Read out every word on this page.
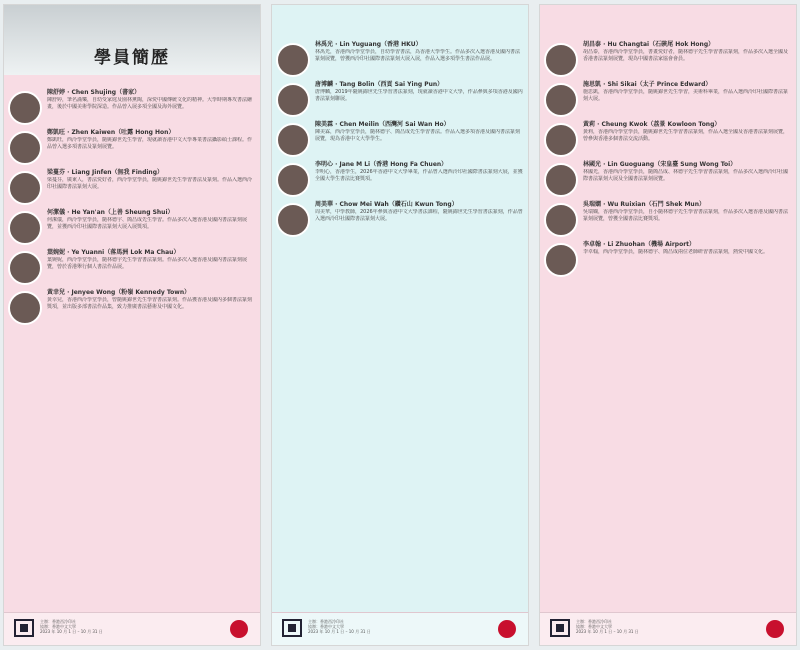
學員簡歷
陳舒婷 · Chen Shujing（書家）
陳舒婷，筆名滿樂，自幼受家庭及園林薰陶，深愛中國傳統文化的精神。大學時期專攻書法繪畫，後於中國美術學院深造。作品曾入展多項全國及海外展覽。
鄭凱旺 · Zhen Kaiwen（吐露 Hong Hon）
鄭凱旺，西泠學堂學員，隨姚錦世先生學習，現就讀香港中文大學專業書法攝影碩士課程。作品曾入選多項書法及篆刻展覽。
梁蔓芬 · Liang Jinfen（無我 Finding）
梁蔓芬，廣東人，書法愛好者，西泠學堂學員，隨姚錦世先生學習書法及篆刻。作品入選西泠印社國際書法篆刻大展。
何潔儀 · He Yan'an（上善 Sheung Shui）
何潔儀，西泠學堂學員，隨林德宇、簡昌成先生學習。作品多次入選香港及國內書法篆刻展覽，並獲西泠印社國際書法篆刻大展入展獎項。
葉婉妮 · Ye Yuanni（落馬洲 Lok Ma Chau）
葉婉妮，西泠學堂學員，隨林德宇先生學習書法篆刻。作品多次入選香港及國內書法篆刻展覽，曾於香港舉行個人書法作品展。
黃幸兒 · Jenyee Wong（粉嶺 Kennedy Town）
黃幸兒，香港西泠學堂學員，曾隨姚錦世先生學習書法篆刻。作品獲香港及國內多個書法篆刻獎項，並出版多部書法作品集，致力推廣書法藝術及中國文化。
主辦：香港西泠印社
協辦：香港中文大學
2023 年 10 月 1 日 – 10 月 31 日
林禹光 · Lin Yuguang（香港 HKU）
林禹光，香港西泠學堂學員，自幼學習書法，為香港大學學生。作品多次入選香港及國內書法篆刻展覽，曾獲西泠印社國際書法篆刻大展入展，作品入選多項學生書法作品展。
唐博麟 · Tang Bolin（西貢 Sai Ying Pun）
唐博麟，2019年隨姚錦世先生學習書法篆刻，現就讀香港中文大學，作品參與多項香港及國內書法篆刻聯展。
陳美霖 · Chen Meilin（西灣河 Sai Wan Ho）
陳美霖，西泠學堂學員，隨林德宇、簡昌成先生學習書法。作品入選多項香港及國內書法篆刻展覽，現為香港中文大學學生。
李明心 · Jane M Li（香港 Hong Fa Chuen）
李明心，香港學生，2026年香港中文大學畢業，作品曾入選西泠印社國際書法篆刻大展，並獲全國大學生書法比賽獎項。
周美華 · Chow Mei Wah（鑽石山 Kwun Tong）
周美華，中學教師，2026年參與香港中文大學書法課程，隨姚錦世先生學習書法篆刻，作品曾入選西泠印社國際書法篆刻大展。
主辦：香港西泠印社
協辦：香港中文大學
2023 年 10 月 1 日 – 10 月 31 日
胡昌泰 · Hu Changtai（石硤尾 Hok Hong）
胡昌泰，香港西泠學堂學員，書畫愛好者，隨林德宇先生學習書法篆刻，作品多次入選全國及香港書法篆刻展覽，現為中國書法家協會會員。
施思凱 · Shi Sikai（太子 Prince Edward）
施思凱，香港西泠學堂學員，隨姚錦世先生學習，美術科畢業，作品入選西泠印社國際書法篆刻大展。
黃莉 · Cheung Kwok（荔景 Kowloon Tong）
黃莉，香港西泠學堂學員，隨姚錦世先生學習書法篆刻，作品入選全國及香港書法篆刻展覽，曾參與香港多個書法交流活動。
林國光 · Lin Guoguang（宋皇臺 Sung Wong Toi）
林國光，香港西泠學堂學員，隨簡昌成、林德宇先生學習書法篆刻，作品多次入選西泠印社國際書法篆刻大展及全國書法篆刻展覽。
吳瑞嫻 · Wu Ruixian（石門 Shek Mun）
吳瑞嫻，香港西泠學堂學員，自小隨林德宇先生學習書法篆刻，作品多次入選香港及國內書法篆刻展覽，曾獲全國書法比賽獎項。
李卓翰 · Li Zhuohan（機場 Airport）
李卓翰，西泠學堂學員，隨林德宇、簡昌成兩位老師研習書法篆刻，熱愛中國文化。
主辦：香港西泠印社
協辦：香港中文大學
2023 年 10 月 1 日 – 10 月 31 日
